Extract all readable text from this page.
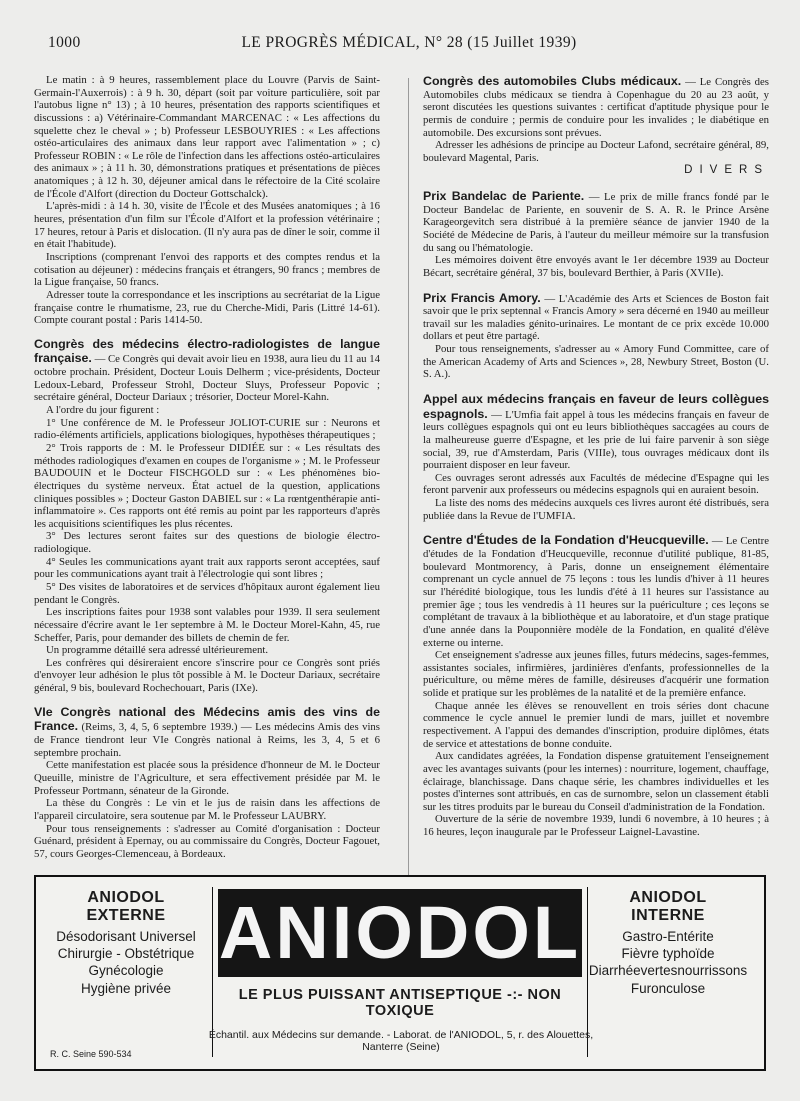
1000	LE PROGRÈS MÉDICAL, N° 28 (15 Juillet 1939)

Le matin : à 9 heures, rassemblement place du Louvre (Parvis de Saint-Germain-l'Auxerrois) : à 9 h. 30, départ (soit par voiture particulière, soit par l'autobus ligne n° 13) ; à 10 heures, présentation des rapports scientifiques et discussions : a) Vétérinaire-Commandant MARCENAC : « Les affections du squelette chez le cheval » ; b) Professeur LESBOUYRIES : « Les affections ostéo-articulaires des animaux dans leur rapport avec l'alimentation » ; c) Professeur ROBIN : « Le rôle de l'infection dans les affections ostéo-articulaires des animaux » ; à 11 h. 30, démonstrations pratiques et présentations de pièces anatomiques ; à 12 h. 30, déjeuner amical dans le réfectoire de la Cité scolaire de l'École d'Alfort (direction du Docteur Gottschalck).

L'après-midi : à 14 h. 30, visite de l'École et des Musées anatomiques ; à 16 heures, présentation d'un film sur l'École d'Alfort et la profession vétérinaire ; 17 heures, retour à Paris et dislocation. (Il n'y aura pas de dîner le soir, comme il en était l'habitude).

Inscriptions (comprenant l'envoi des rapports et des comptes rendus et la cotisation au déjeuner) : médecins français et étrangers, 90 francs ; membres de la Ligue française, 50 francs.

Adresser toute la correspondance et les inscriptions au secrétariat de la Ligue française contre le rhumatisme, 23, rue du Cherche-Midi, Paris (Littré 14-61). Compte courant postal : Paris 1414-50.

Congrès des médecins électro-radiologistes de langue française. — Ce Congrès qui devait avoir lieu en 1938, aura lieu du 11 au 14 octobre prochain. Président, Docteur Louis Delherm ; vice-présidents, Docteur Ledoux-Lebard, Professeur Strohl, Docteur Sluys, Professeur Popovic ; secrétaire général, Docteur Dariaux ; trésorier, Docteur Morel-Kahn.

A l'ordre du jour figurent :

1° Une conférence de M. le Professeur JOLIOT-CURIE sur : Neurons et radio-éléments artificiels, applications biologiques, hypothèses thérapeutiques ;

2° Trois rapports de : M. le Professeur DIDIÉE sur : « Les résultats des méthodes radiologiques d'examen en coupes de l'organisme » ; M. le Professeur BAUDOUIN et le Docteur FISCHGOLD sur : « Les phénomènes bio-électriques du système nerveux. État actuel de la question, applications cliniques possibles » ; Docteur Gaston DABIEL sur : « La rœntgenthérapie anti-inflammatoire ». Ces rapports ont été remis au point par les rapporteurs d'après les acquisitions scientifiques les plus récentes.

3° Des lectures seront faites sur des questions de biologie électro-radiologique.

4° Seules les communications ayant trait aux rapports seront acceptées, sauf pour les communications ayant trait à l'électrologie qui sont libres ;

5° Des visites de laboratoires et de services d'hôpitaux auront également lieu pendant le Congrès.

Les inscriptions faites pour 1938 sont valables pour 1939. Il sera seulement nécessaire d'écrire avant le 1er septembre à M. le Docteur Morel-Kahn, 45, rue Scheffer, Paris, pour demander des billets de chemin de fer.

Un programme détaillé sera adressé ultérieurement.

Les confrères qui désireraient encore s'inscrire pour ce Congrès sont priés d'envoyer leur adhésion le plus tôt possible à M. le Docteur Dariaux, secrétaire général, 9 bis, boulevard Rochechouart, Paris (IXe).

VIe Congrès national des Médecins amis des vins de France. (Reims, 3, 4, 5, 6 septembre 1939.) — Les médecins Amis des vins de France tiendront leur VIe Congrès national à Reims, les 3, 4, 5 et 6 septembre prochain.

Cette manifestation est placée sous la présidence d'honneur de M. le Docteur Queuille, ministre de l'Agriculture, et sera effectivement présidée par M. le Professeur Portmann, sénateur de la Gironde.

La thèse du Congrès : Le vin et le jus de raisin dans les affections de l'appareil circulatoire, sera soutenue par M. le Professeur LAUBRY.

Pour tous renseignements : s'adresser au Comité d'organisation : Docteur Guénard, président à Epernay, ou au commissaire du Congrès, Docteur Fagouet, 57, cours Georges-Clemenceau, à Bordeaux.

Congrès des automobiles Clubs médicaux. — Le Congrès des Automobiles clubs médicaux se tiendra à Copenhague du 20 au 23 août, y seront discutées les questions suivantes : certificat d'aptitude physique pour le permis de conduire ; permis de conduire pour les invalides ; le diabétique en automobile. Des excursions sont prévues.

Adresser les adhésions de principe au Docteur Lafond, secrétaire général, 89, boulevard Magental, Paris.

DIVERS

Prix Bandelac de Pariente. — Le prix de mille francs fondé par le Docteur Bandelac de Pariente, en souvenir de S. A. R. le Prince Arsène Karageorgevitch sera distribué à la première séance de janvier 1940 de la Société de Médecine de Paris, à l'auteur du meilleur mémoire sur la transfusion du sang ou l'hématologie.

Les mémoires doivent être envoyés avant le 1er décembre 1939 au Docteur Bécart, secrétaire général, 37 bis, boulevard Berthier, à Paris (XVIIe).

Prix Francis Amory. — L'Académie des Arts et Sciences de Boston fait savoir que le prix septennal « Francis Amory » sera décerné en 1940 au meilleur travail sur les maladies génito-urinaires. Le montant de ce prix excède 10.000 dollars et peut être partagé.

Pour tous renseignements, s'adresser au « Amory Fund Committee, care of the American Academy of Arts and Sciences », 28, Newbury Street, Boston (U. S. A.).

Appel aux médecins français en faveur de leurs collègues espagnols. — L'Umfia fait appel à tous les médecins français en faveur de leurs collègues espagnols qui ont eu leurs bibliothèques saccagées au cours de la malheureuse guerre d'Espagne, et les prie de lui faire parvenir à son siège social, 39, rue d'Amsterdam, Paris (VIIIe), tous ouvrages médicaux dont ils pourraient disposer en leur faveur.

Ces ouvrages seront adressés aux Facultés de médecine d'Espagne qui les feront parvenir aux professeurs ou médecins espagnols qui en auraient besoin.

La liste des noms des médecins auxquels ces livres auront été distribués, sera publiée dans la Revue de l'UMFIA.

Centre d'Études de la Fondation d'Heucqueville. — Le Centre d'études de la Fondation d'Heucqueville, reconnue d'utilité publique, 81-85, boulevard Montmorency, à Paris, donne un enseignement élémentaire comprenant un cycle annuel de 75 leçons : tous les lundis d'hiver à 11 heures sur l'hérédité biologique, tous les lundis d'été à 11 heures sur l'assistance au premier âge ; tous les vendredis à 11 heures sur la puériculture ; ces leçons se complétant de travaux à la bibliothèque et au laboratoire, et d'un stage pratique d'une année dans la Pouponnière modèle de la Fondation, en qualité d'élève externe ou interne.

Cet enseignement s'adresse aux jeunes filles, futurs médecins, sages-femmes, assistantes sociales, infirmières, jardinières d'enfants, professionnelles de la puériculture, ou même mères de famille, désireuses d'acquérir une formation solide et pratique sur les problèmes de la natalité et de la première enfance.

Chaque année les élèves se renouvellent en trois séries dont chacune commence le cycle annuel le premier lundi de mars, juillet et novembre respectivement. A l'appui des demandes d'inscription, produire diplômes, états de service et attestations de bonne conduite.

Aux candidates agréées, la Fondation dispense gratuitement l'enseignement avec les avantages suivants (pour les internes) : nourriture, logement, chauffage, éclairage, blanchissage. Dans chaque série, les chambres individuelles et les postes d'internes sont attribués, en cas de surnombre, selon un classement établi sur les titres produits par le bureau du Conseil d'administration de la Fondation.

Ouverture de la série de novembre 1939, lundi 6 novembre, à 10 heures ; à 16 heures, leçon inaugurale par le Professeur Laignel-Lavastine.

ANIODOL
EXTERNE
Désodorisant Universel
Chirurgie - Obstétrique
Gynécologie
Hygiène privée
ANIODOL
LE PLUS PUISSANT ANTISEPTIQUE -:- NON TOXIQUE
Échantil. aux Médecins sur demande. - Laborat. de l'ANIODOL, 5, r. des Alouettes, Nanterre (Seine)
R. C. Seine 590-534
ANIODOL
INTERNE
Gastro-Entérite
Fièvre typhoïde
Diarrhéevertesnourrissons
Furonculose
